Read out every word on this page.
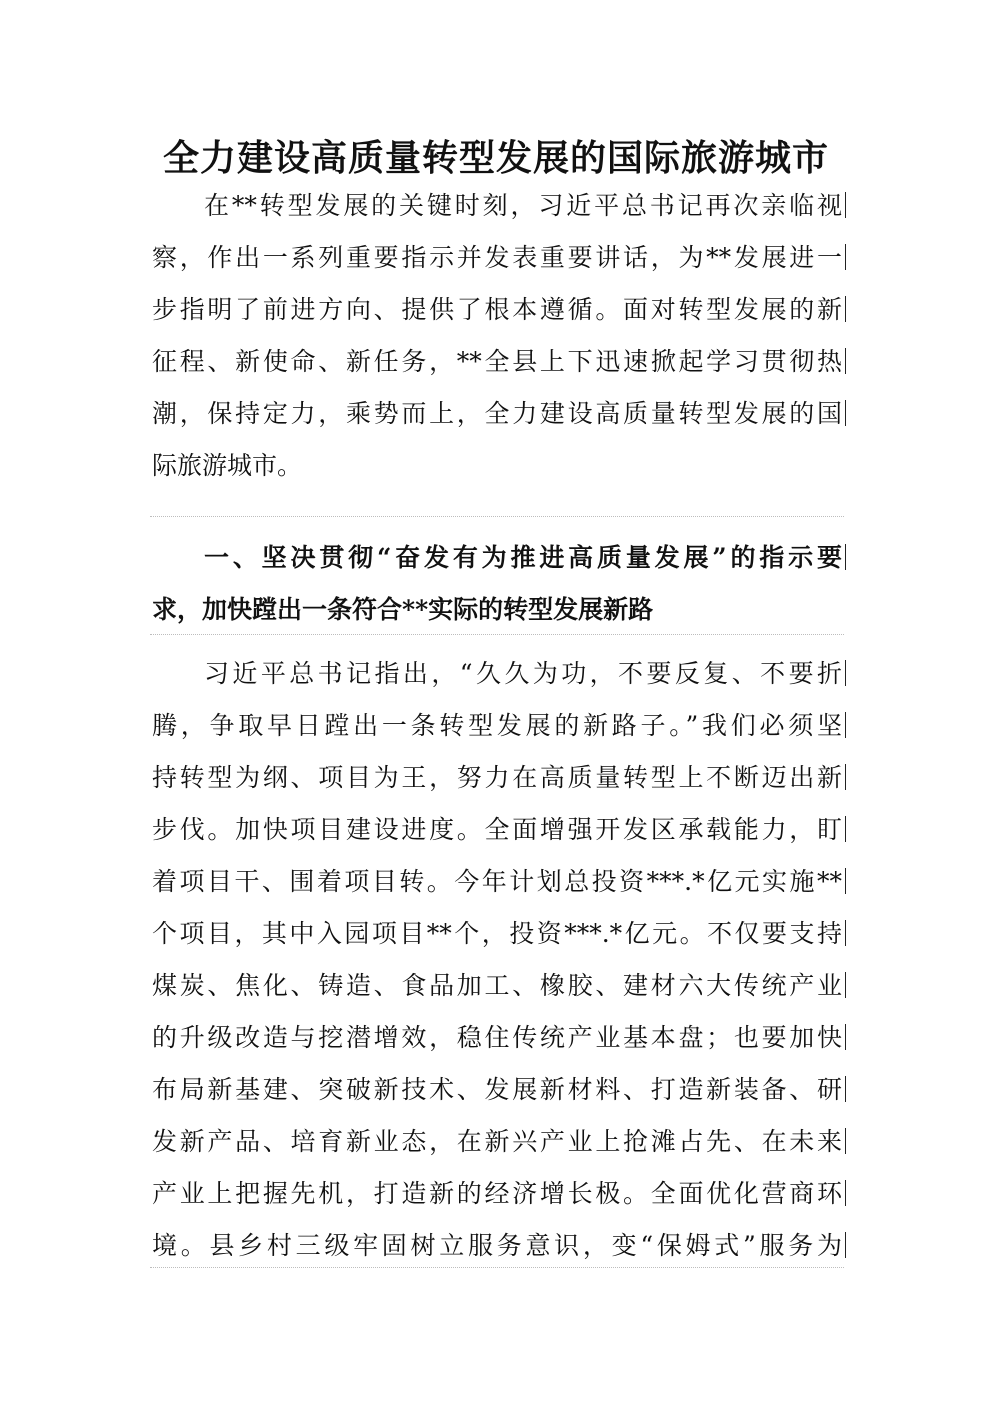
全力建设高质量转型发展的国际旅游城市
在**转型发展的关键时刻，习近平总书记再次亲临视
察，作出一系列重要指示并发表重要讲话，为**发展进一
步指明了前进方向、提供了根本遵循。面对转型发展的新
征程、新使命、新任务，**全县上下迅速掀起学习贯彻热
潮，保持定力，乘势而上，全力建设高质量转型发展的国
际旅游城市。
一、坚决贯彻“奋发有为推进高质量发展”的指示要
求，加快蹚出一条符合**实际的转型发展新路
习近平总书记指出，“久久为功，不要反复、不要折
腾，争取早日蹚出一条转型发展的新路子。”我们必须坚
持转型为纲、项目为王，努力在高质量转型上不断迈出新
步伐。加快项目建设进度。全面增强开发区承载能力，盯
着项目干、围着项目转。今年计划总投资***.*亿元实施**
个项目，其中入园项目**个，投资***.*亿元。不仅要支持
煤炭、焦化、铸造、食品加工、橡胶、建材六大传统产业
的升级改造与挖潜增效，稳住传统产业基本盘；也要加快
布局新基建、突破新技术、发展新材料、打造新装备、研
发新产品、培育新业态，在新兴产业上抢滩占先、在未来
产业上把握先机，打造新的经济增长极。全面优化营商环
境。县乡村三级牢固树立服务意识，变“保姆式”服务为
